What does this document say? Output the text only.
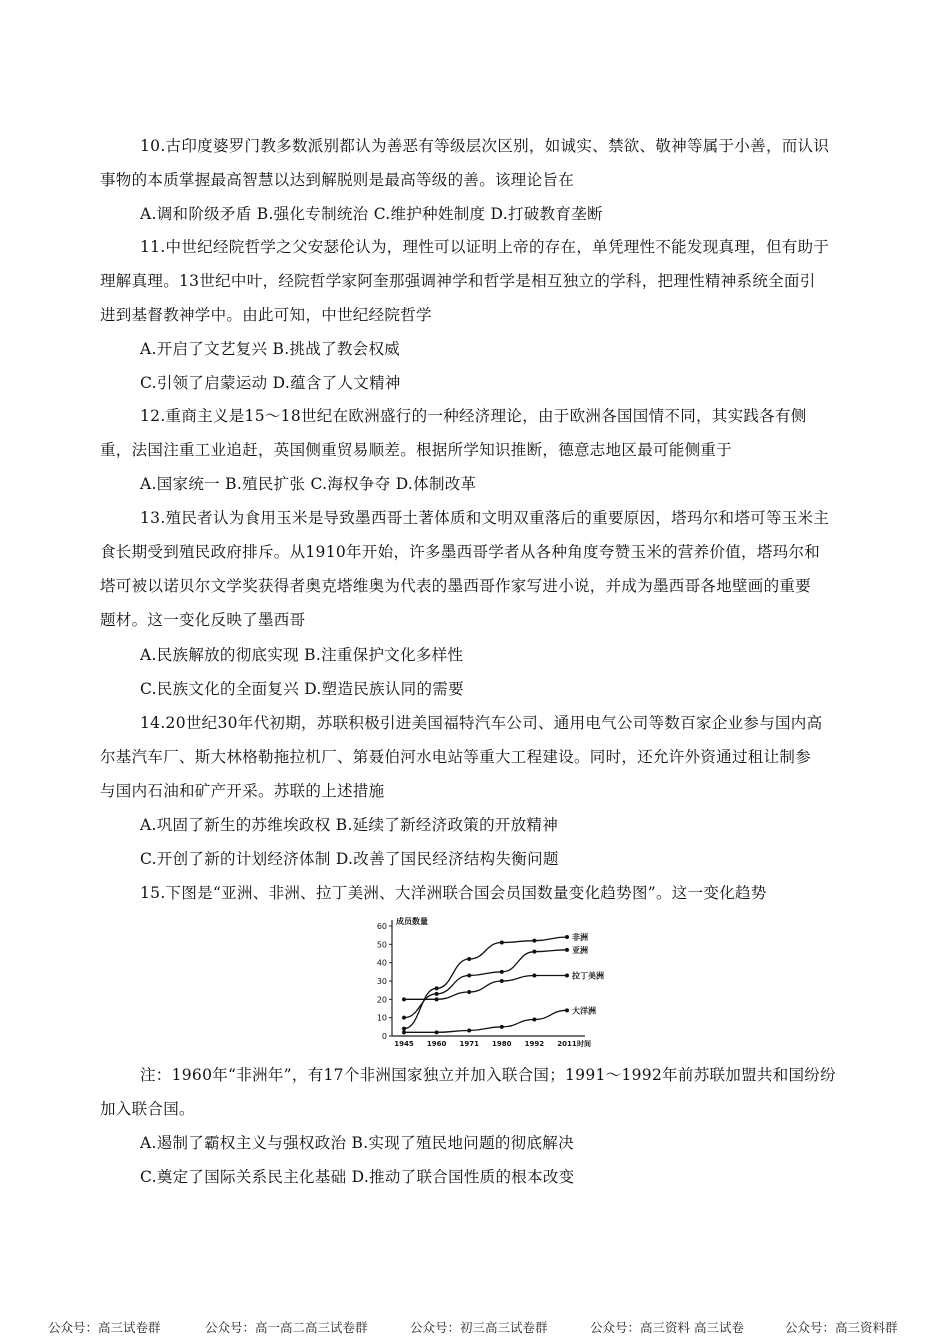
10.古印度婆罗门教多数派别都认为善恶有等级层次区别，如诚实、禁欲、敬神等属于小善，而认识
事物的本质掌握最高智慧以达到解脱则是最高等级的善。该理论旨在
A.调和阶级矛盾 B.强化专制统治 C.维护种姓制度 D.打破教育垄断
11.中世纪经院哲学之父安瑟伦认为，理性可以证明上帝的存在，单凭理性不能发现真理，但有助于
理解真理。13世纪中叶，经院哲学家阿奎那强调神学和哲学是相互独立的学科，把理性精神系统全面引
进到基督教神学中。由此可知，中世纪经院哲学
A.开启了文艺复兴 B.挑战了教会权威
C.引领了启蒙运动 D.蕴含了人文精神
12.重商主义是15～18世纪在欧洲盛行的一种经济理论，由于欧洲各国国情不同，其实践各有侧
重，法国注重工业追赶，英国侧重贸易顺差。根据所学知识推断，德意志地区最可能侧重于
A.国家统一 B.殖民扩张 C.海权争夺 D.体制改革
13.殖民者认为食用玉米是导致墨西哥土著体质和文明双重落后的重要原因，塔玛尔和塔可等玉米主
食长期受到殖民政府排斥。从1910年开始，许多墨西哥学者从各种角度夸赞玉米的营养价值，塔玛尔和
塔可被以诺贝尔文学奖获得者奥克塔维奥为代表的墨西哥作家写进小说，并成为墨西哥各地壁画的重要
题材。这一变化反映了墨西哥
A.民族解放的彻底实现 B.注重保护文化多样性
C.民族文化的全面复兴 D.塑造民族认同的需要
14.20世纪30年代初期，苏联积极引进美国福特汽车公司、通用电气公司等数百家企业参与国内高
尔基汽车厂、斯大林格勒拖拉机厂、第聂伯河水电站等重大工程建设。同时，还允许外资通过租让制参
与国内石油和矿产开采。苏联的上述措施
A.巩固了新生的苏维埃政权 B.延续了新经济政策的开放精神
C.开创了新的计划经济体制 D.改善了国民经济结构失衡问题
15.下图是“亚洲、非洲、拉丁美洲、大洋洲联合国会员国数量变化趋势图”。这一变化趋势
0
10
20
30
40
50
60
成员数量
1945 1960 1971 1980 1992 2011 时间
非洲
亚洲
拉丁美洲
大洋洲
注：1960年“非洲年”，有17个非洲国家独立并加入联合国；1991～1992年前苏联加盟共和国纷纷
加入联合国。
A.遏制了霸权主义与强权政治 B.实现了殖民地问题的彻底解决
C.奠定了国际关系民主化基础 D.推动了联合国性质的根本改变
公众号：高三试卷群	公众号：高一高二高三试卷群	公众号：初三高三试卷群	公众号：高三资料 高三试卷	公众号：高三资料群
